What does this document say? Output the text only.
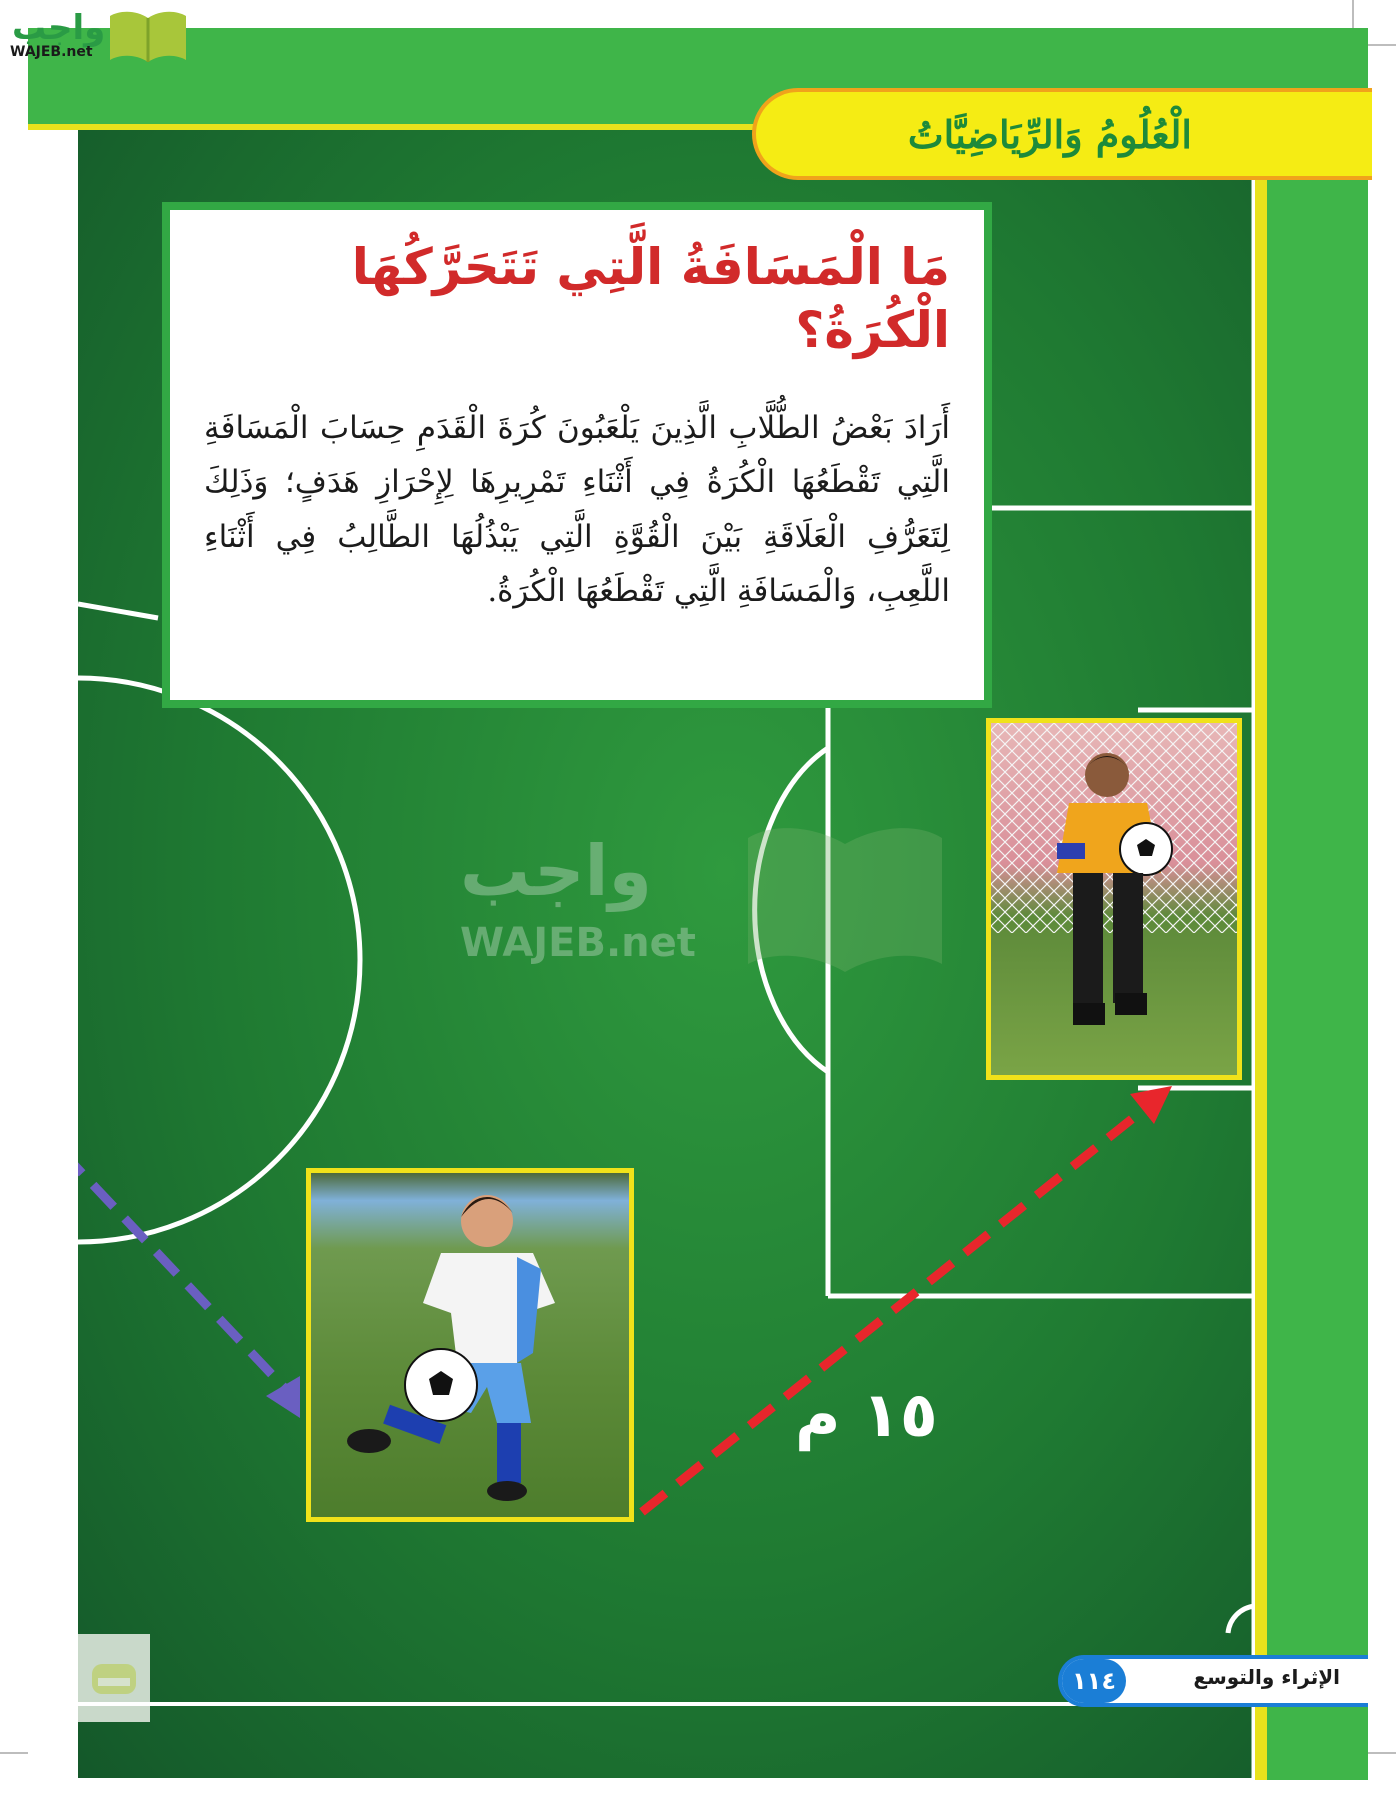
الْعُلُومُ وَالرِّيَاضِيَّاتُ
مَا الْمَسَافَةُ الَّتِي تَتَحَرَّكُهَا الْكُرَةُ؟

أَرَادَ بَعْضُ الطُّلَّابِ الَّذِينَ يَلْعَبُونَ كُرَةَ الْقَدَمِ حِسَابَ الْمَسَافَةِ الَّتِي تَقْطَعُهَا الْكُرَةُ فِي أَثْنَاءِ تَمْرِيرِهَا لِإِحْرَازِ هَدَفٍ؛ وَذَلِكَ لِتَعَرُّفِ الْعَلَاقَةِ بَيْنَ الْقُوَّةِ الَّتِي يَبْذُلُهَا الطَّالِبُ فِي أَثْنَاءِ اللَّعِبِ، وَالْمَسَافَةِ الَّتِي تَقْطَعُهَا الْكُرَةُ.

واجب
WAJEB.net
١٥ م
١١٤	الإثراء والتوسع
واجب
WAJEB.net
